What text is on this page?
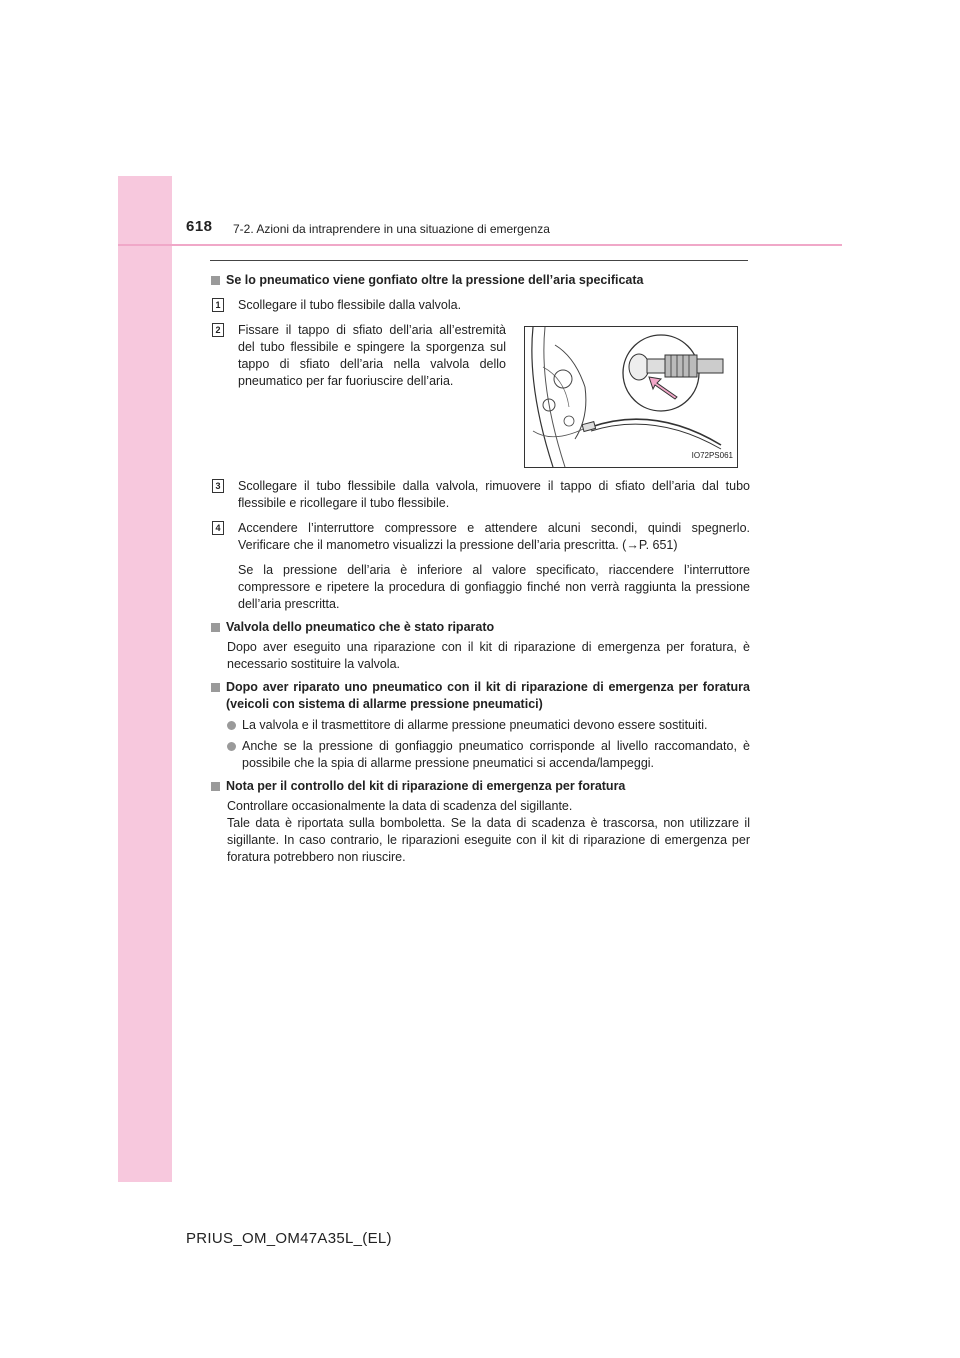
618 7-2. Azioni da intraprendere in una situazione di emergenza
Se lo pneumatico viene gonfiato oltre la pressione dell’aria specificata
1 Scollegare il tubo flessibile dalla valvola.

2 Fissare il tappo di sfiato dell’aria all’estremità del tubo flessibile e spingere la sporgenza sul tappo di sfiato dell’aria nella valvola dello pneumatico per far fuoriuscire dell’aria.

IO72PS061
3 Scollegare il tubo flessibile dalla valvola, rimuovere il tappo di sfiato dell’aria dal tubo flessibile e ricollegare il tubo flessibile.

4 Accendere l’interruttore compressore e attendere alcuni secondi, quindi spegnerlo. Verificare che il manometro visualizzi la pressione dell’aria prescritta. (→P. 651)

Se la pressione dell’aria è inferiore al valore specificato, riaccendere l’interruttore compressore e ripetere la procedura di gonfiaggio finché non verrà raggiunta la pressione dell’aria prescritta.

Valvola dello pneumatico che è stato riparato

Dopo aver eseguito una riparazione con il kit di riparazione di emergenza per foratura, è necessario sostituire la valvola.

Dopo aver riparato uno pneumatico con il kit di riparazione di emergenza per foratura (veicoli con sistema di allarme pressione pneumatici)
La valvola e il trasmettitore di allarme pressione pneumatici devono essere sostituiti.
Anche se la pressione di gonfiaggio pneumatico corrisponde al livello raccomandato, è possibile che la spia di allarme pressione pneumatici si accenda/lampeggi.
Nota per il controllo del kit di riparazione di emergenza per foratura

Controllare occasionalmente la data di scadenza del sigillante.

Tale data è riportata sulla bomboletta. Se la data di scadenza è trascorsa, non utilizzare il sigillante. In caso contrario, le riparazioni eseguite con il kit di riparazione di emergenza per foratura potrebbero non riuscire.

PRIUS_OM_OM47A35L_(EL)
